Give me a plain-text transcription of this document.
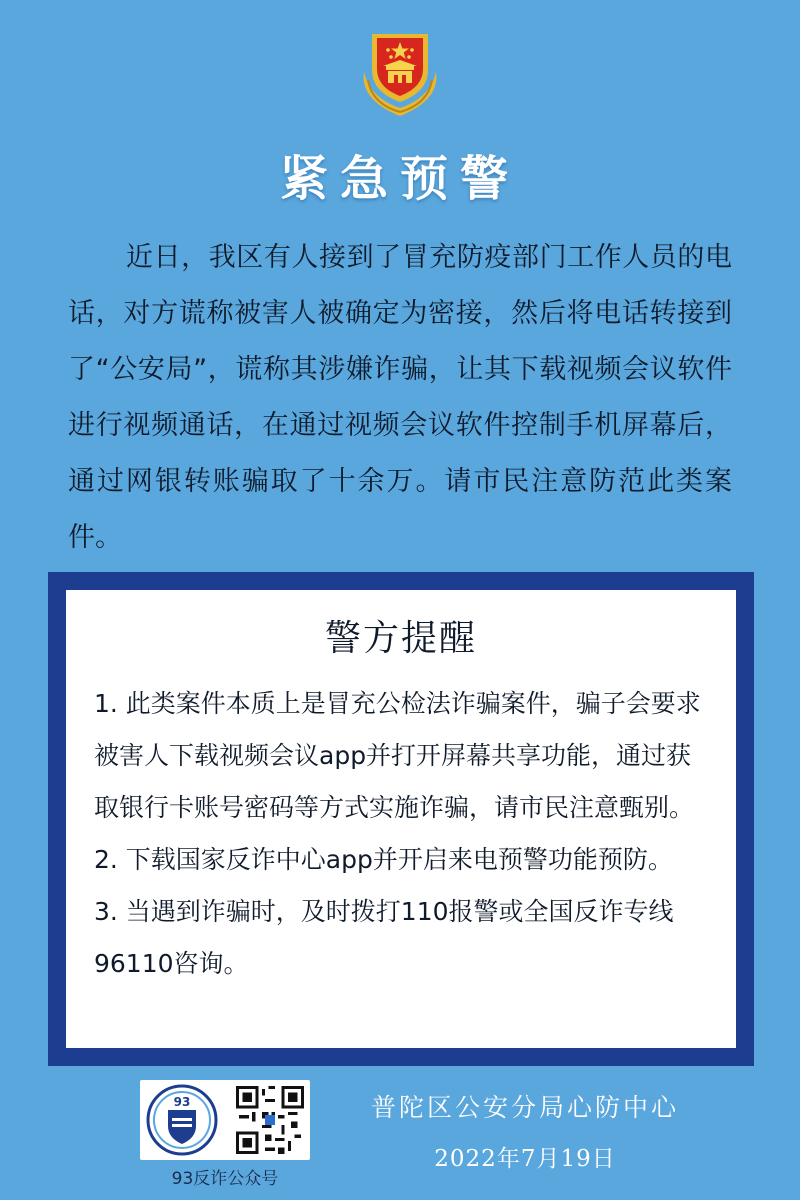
紧急预警

近日，我区有人接到了冒充防疫部门工作人员的电话，对方谎称被害人被确定为密接，然后将电话转接到了“公安局”，谎称其涉嫌诈骗，让其下载视频会议软件进行视频通话，在通过视频会议软件控制手机屏幕后，通过网银转账骗取了十余万。请市民注意防范此类案件。

警方提醒
1. 此类案件本质上是冒充公检法诈骗案件，骗子会要求被害人下载视频会议app并打开屏幕共享功能，通过获取银行卡账号密码等方式实施诈骗，请市民注意甄别。
2. 下载国家反诈中心app并开启来电预警功能预防。
3. 当遇到诈骗时，及时拨打110报警或全国反诈专线96110咨询。
93
93反诈公众号
普陀区公安分局心防中心
2022年7月19日
